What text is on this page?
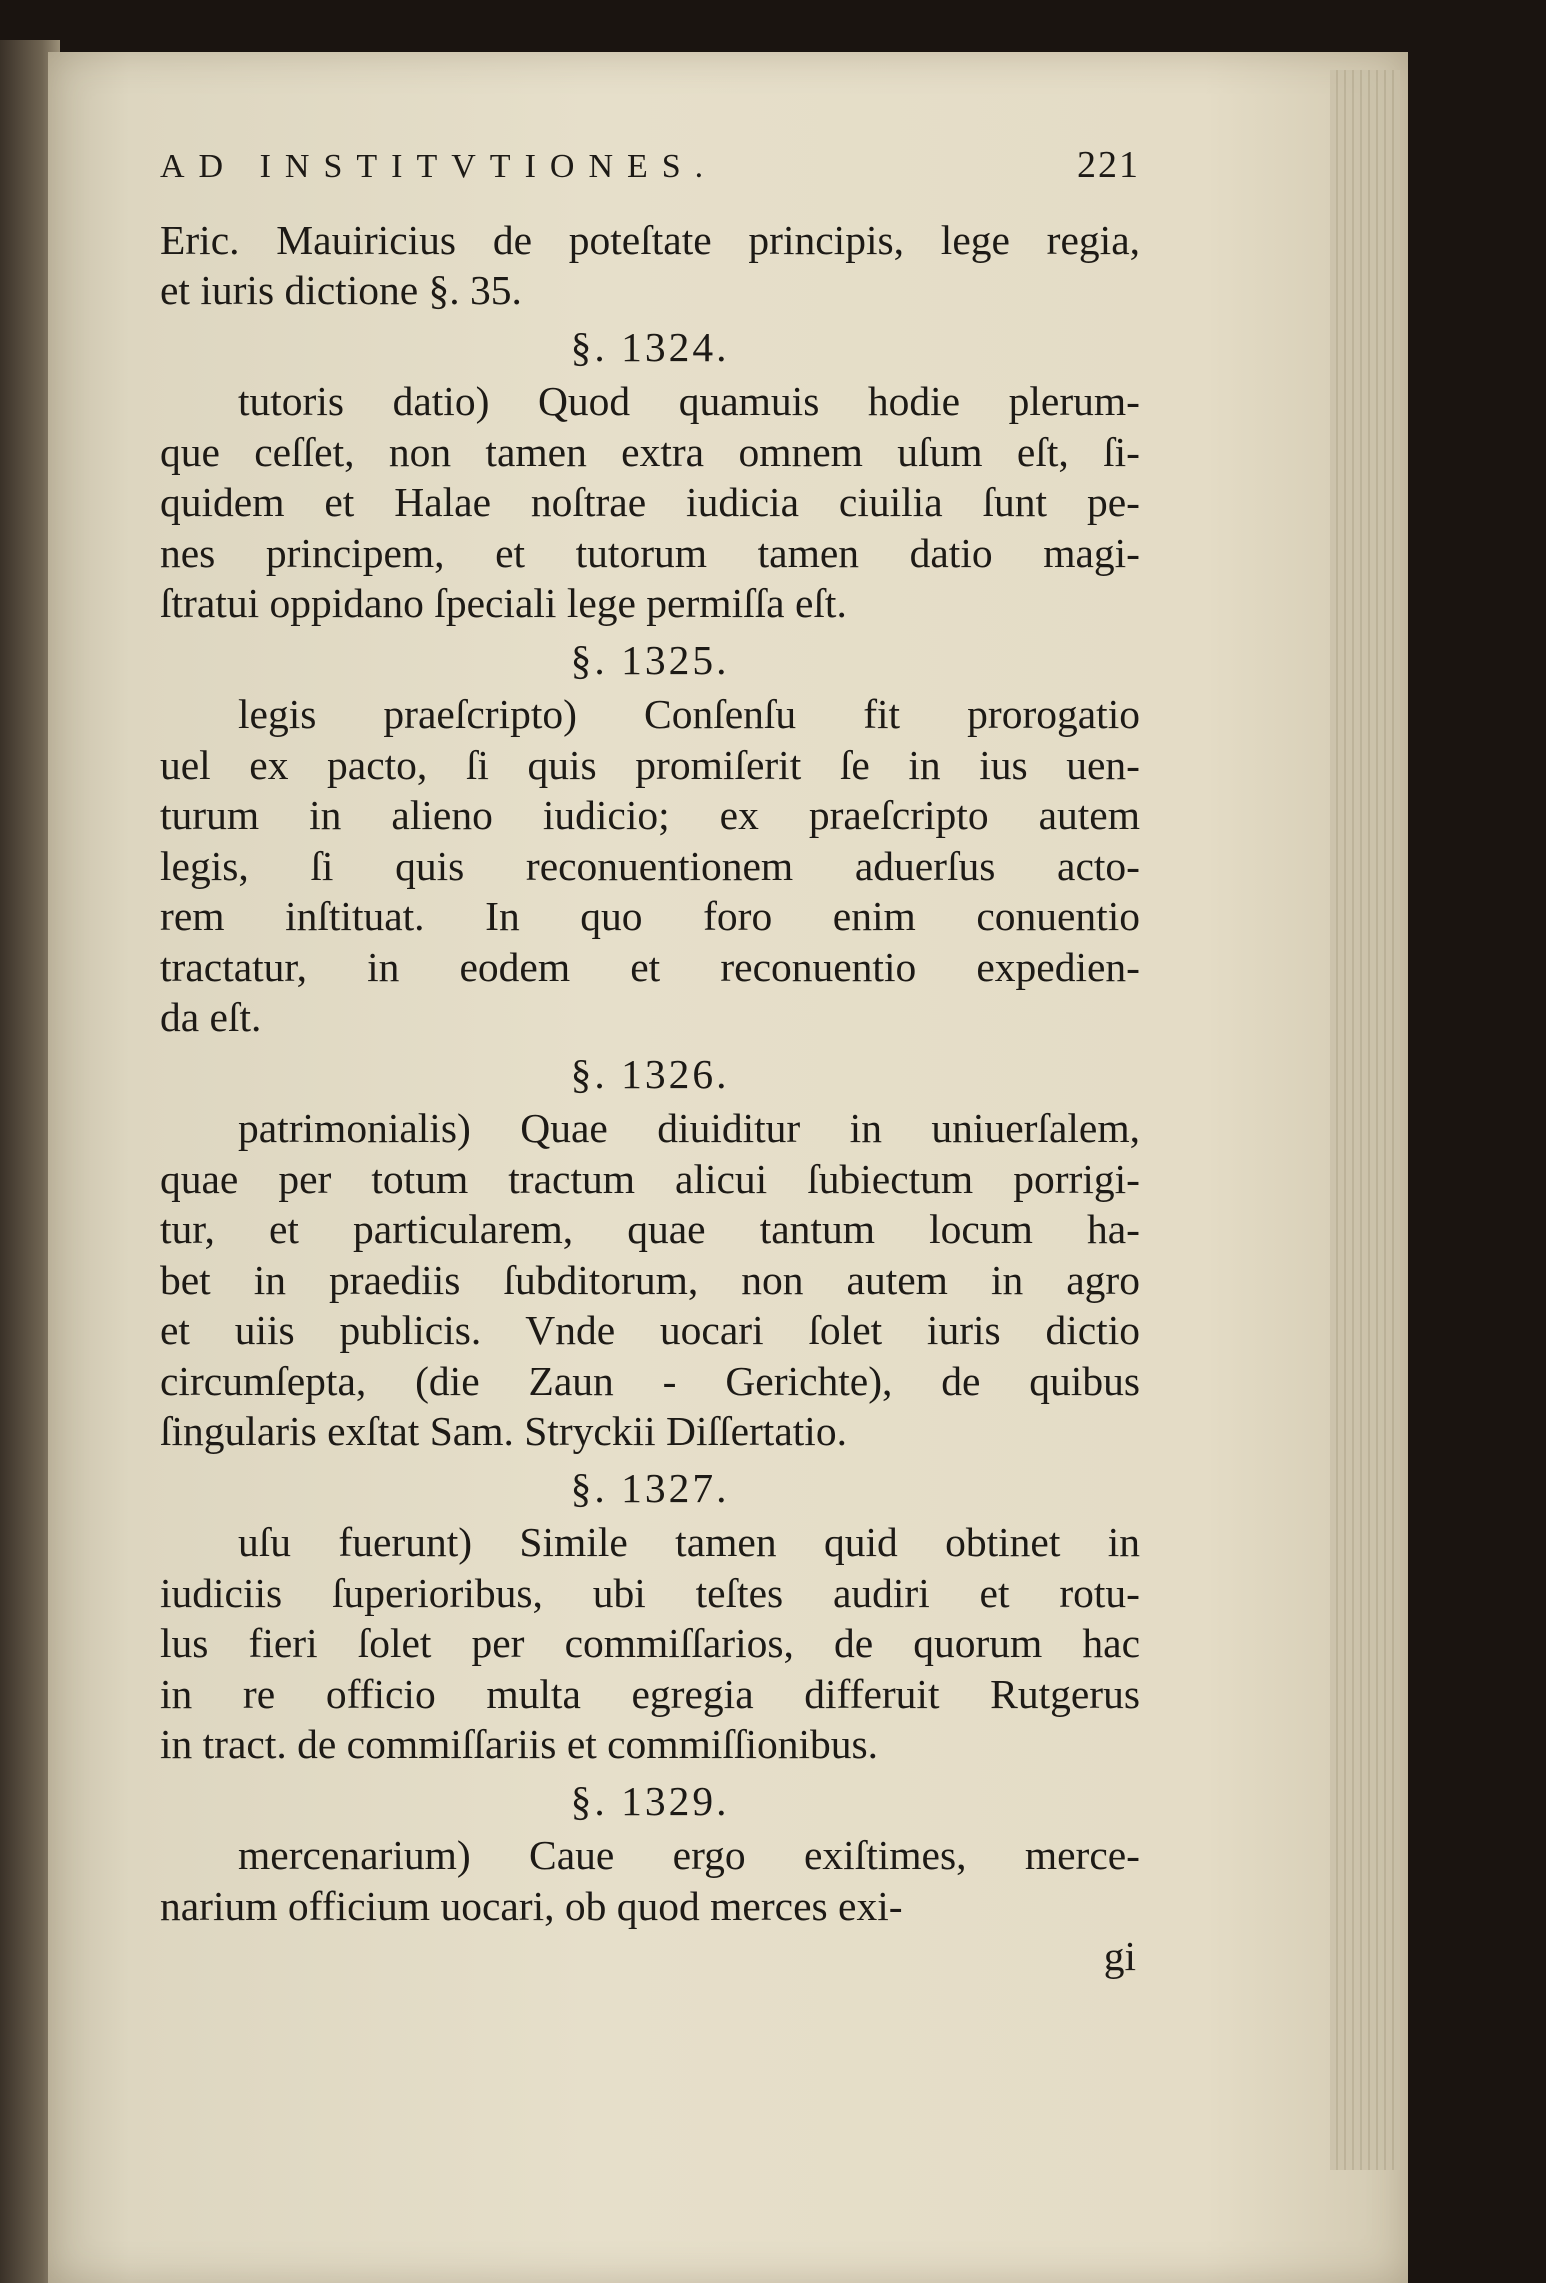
AD INSTITVTIONES.	221
Eric. Mauiricius de poteſtate principis, lege regia,
et iuris dictione §. 35.
§. 1324.
tutoris datio) Quod quamuis hodie plerum-
que ceſſet, non tamen extra omnem uſum eſt, ſi-
quidem et Halae noſtrae iudicia ciuilia ſunt pe-
nes principem, et tutorum tamen datio magi-
ſtratui oppidano ſpeciali lege permiſſa eſt.
§. 1325.
legis praeſcripto) Conſenſu fit prorogatio
uel ex pacto, ſi quis promiſerit ſe in ius uen-
turum in alieno iudicio; ex praeſcripto autem
legis, ſi quis reconuentionem aduerſus acto-
rem inſtituat. In quo foro enim conuentio
tractatur, in eodem et reconuentio expedien-
da eſt.
§. 1326.
patrimonialis) Quae diuiditur in uniuerſalem,
quae per totum tractum alicui ſubiectum porrigi-
tur, et particularem, quae tantum locum ha-
bet in praediis ſubditorum, non autem in agro
et uiis publicis. Vnde uocari ſolet iuris dictio
circumſepta, (die Zaun - Gerichte), de quibus
ſingularis exſtat Sam. Stryckii Diſſertatio.
§. 1327.
uſu fuerunt) Simile tamen quid obtinet in
iudiciis ſuperioribus, ubi teſtes audiri et rotu-
lus fieri ſolet per commiſſarios, de quorum hac
in re officio multa egregia differuit Rutgerus
in tract. de commiſſariis et commiſſionibus.
§. 1329.
mercenarium) Caue ergo exiſtimes, merce-
narium officium uocari, ob quod merces exi-
gi
